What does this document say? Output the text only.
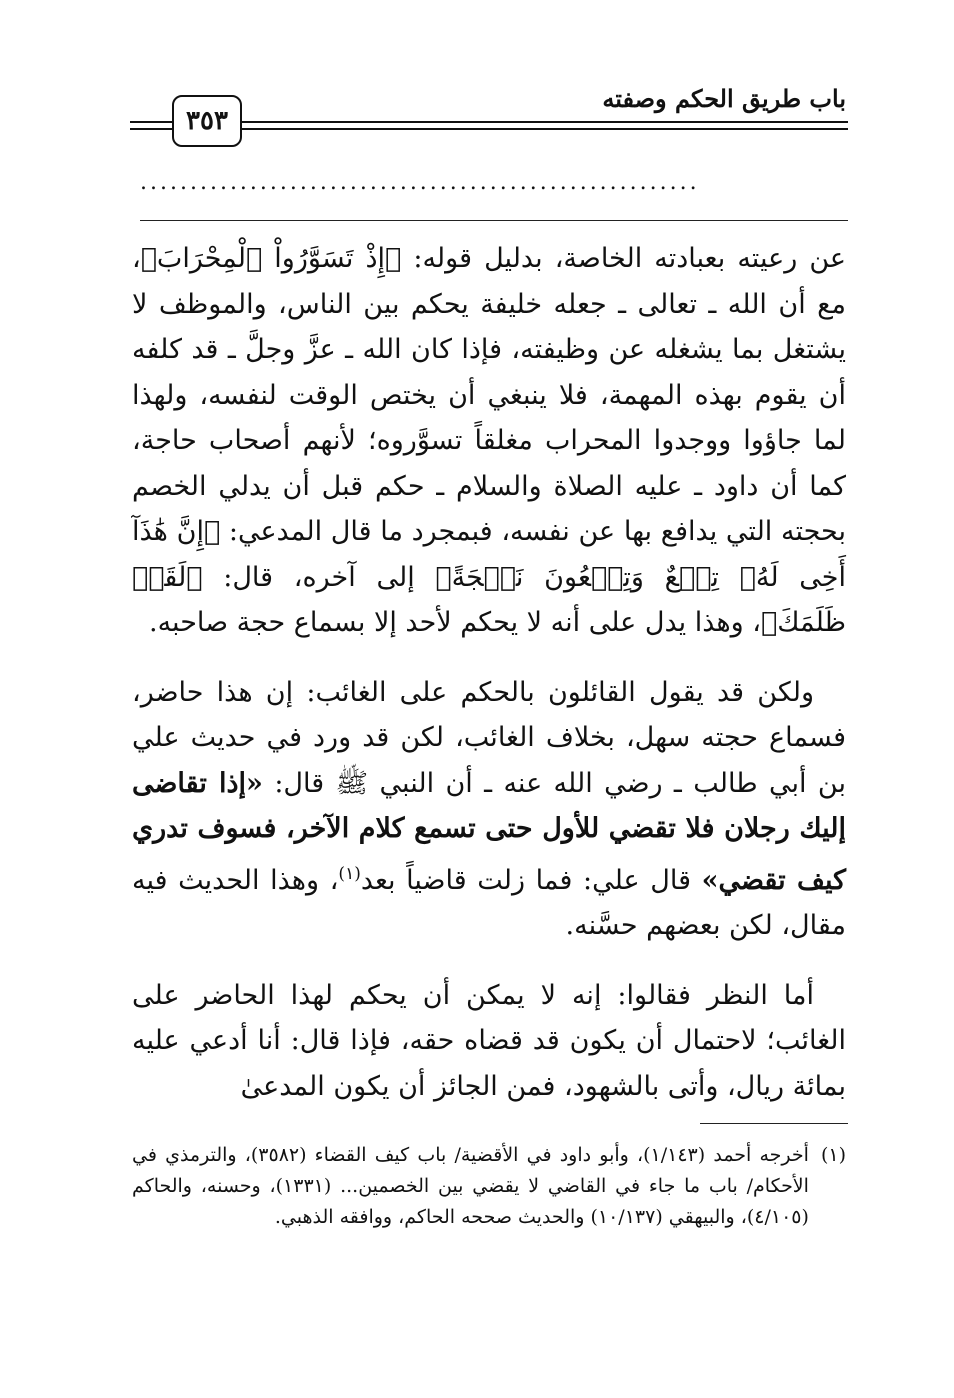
باب طريق الحكم وصفته
٣٥٣
........................................................

عن رعيته بعبادته الخاصة، بدليل قوله: ﴿إِذْ تَسَوَّرُواْ ٱلْمِحْرَابَ﴾، مع أن الله ـ تعالى ـ جعله خليفة يحكم بين الناس، والموظف لا يشتغل بما يشغله عن وظيفته، فإذا كان الله ـ عزَّ وجلَّ ـ قد كلفه أن يقوم بهذه المهمة، فلا ينبغي أن يختص الوقت لنفسه، ولهذا لما جاؤوا ووجدوا المحراب مغلقاً تسوَّروه؛ لأنهم أصحاب حاجة، كما أن داود ـ عليه الصلاة والسلام ـ حكم قبل أن يدلي الخصم بحجته التي يدافع بها عن نفسه، فبمجرد ما قال المدعي: ﴿إِنَّ هَٰذَآ أَخِى لَهُۥ تِسۡعٌ وَتِسۡعُونَ نَعۡجَةً﴾ إلى آخره، قال: ﴿لَقَدۡ ظَلَمَكَ﴾، وهذا يدل على أنه لا يحكم لأحد إلا بسماع حجة صاحبه.

ولكن قد يقول القائلون بالحكم على الغائب: إن هذا حاضر، فسماع حجته سهل، بخلاف الغائب، لكن قد ورد في حديث علي بن أبي طالب ـ رضي الله عنه ـ أن النبي ﷺ قال: «إذا تقاضى إليك رجلان فلا تقضي للأول حتى تسمع كلام الآخر، فسوف تدري كيف تقضي» قال علي: فما زلت قاضياً بعد$^{(١)}$، وهذا الحديث فيه مقال، لكن بعضهم حسَّنه.

أما النظر فقالوا: إنه لا يمكن أن يحكم لهذا الحاضر على الغائب؛ لاحتمال أن يكون قد قضاه حقه، فإذا قال: أنا أدعي عليه بمائة ريال، وأتى بالشهود، فمن الجائز أن يكون المدعىٰ

(١)
أخرجه أحمد (١/١٤٣)، وأبو داود في الأقضية/ باب كيف القضاء (٣٥٨٢)، والترمذي في الأحكام/ باب ما جاء في القاضي لا يقضي بين الخصمين... (١٣٣١)، وحسنه، والحاكم (٤/١٠٥)، والبيهقي (١٠/١٣٧) والحديث صححه الحاكم، ووافقه الذهبي.
